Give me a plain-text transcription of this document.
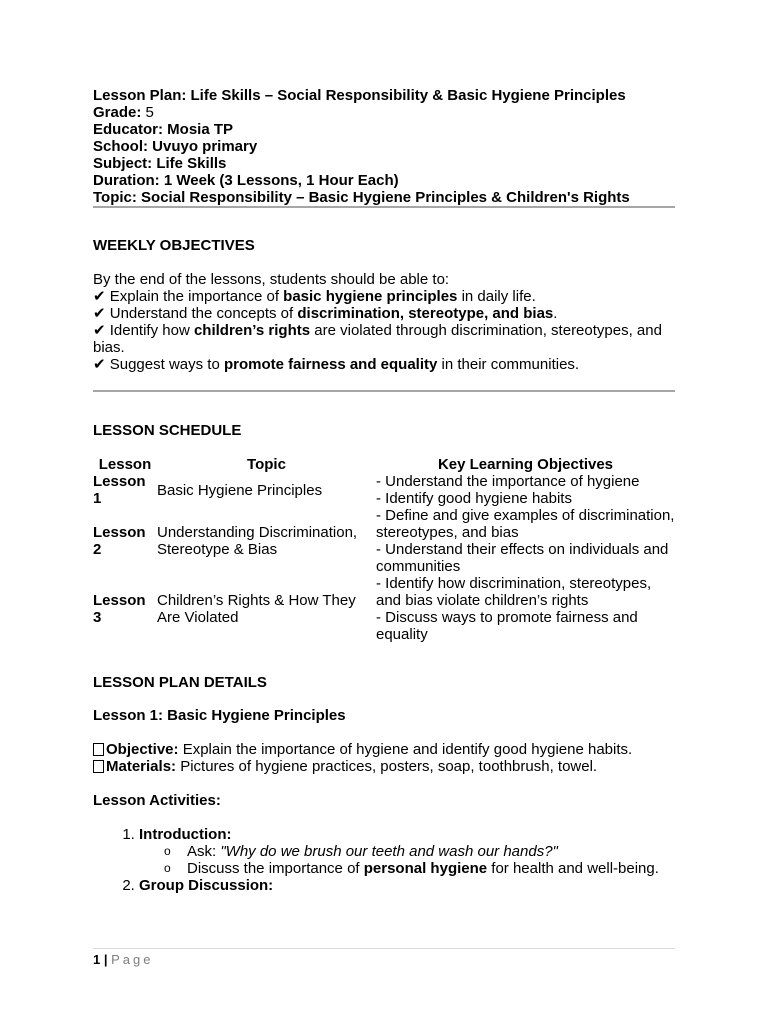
Lesson Plan: Life Skills – Social Responsibility & Basic Hygiene Principles
Grade: 5
Educator: Mosia TP
School: Uvuyo primary
Subject: Life Skills
Duration: 1 Week (3 Lessons, 1 Hour Each)
Topic: Social Responsibility – Basic Hygiene Principles & Children's Rights
WEEKLY OBJECTIVES
By the end of the lessons, students should be able to:
✔ Explain the importance of basic hygiene principles in daily life.
✔ Understand the concepts of discrimination, stereotype, and bias.
✔ Identify how children’s rights are violated through discrimination, stereotypes, and bias.
✔ Suggest ways to promote fairness and equality in their communities.
LESSON SCHEDULE
Lesson	Topic	Key Learning Objectives
Lesson 1	Basic Hygiene Principles	- Understand the importance of hygiene
- Identify good hygiene habits
Lesson 2	Understanding Discrimination, Stereotype & Bias	- Define and give examples of discrimination, stereotypes, and bias
- Understand their effects on individuals and communities
Lesson 3	Children’s Rights & How They Are Violated	- Identify how discrimination, stereotypes, and bias violate children’s rights
- Discuss ways to promote fairness and equality
LESSON PLAN DETAILS
Lesson 1: Basic Hygiene Principles
Objective: Explain the importance of hygiene and identify good hygiene habits.
Materials: Pictures of hygiene practices, posters, soap, toothbrush, towel.
Lesson Activities:
1. Introduction:
o Ask: "Why do we brush our teeth and wash our hands?"
o Discuss the importance of personal hygiene for health and well-being.
2. Group Discussion:
1 | Page
